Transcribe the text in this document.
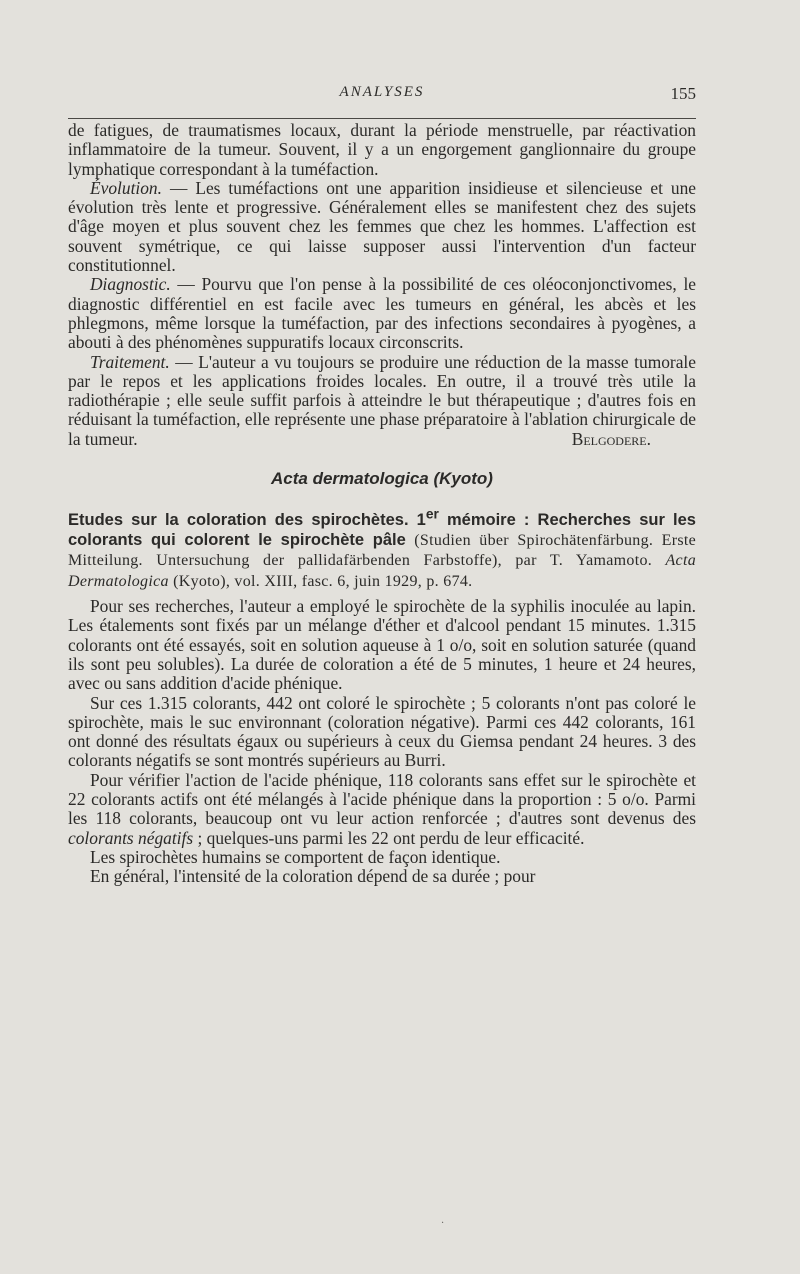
ANALYSES	155

de fatigues, de traumatismes locaux, durant la période menstruelle, par réactivation inflammatoire de la tumeur. Souvent, il y a un engorgement ganglionnaire du groupe lymphatique correspondant à la tuméfaction.

Évolution. — Les tuméfactions ont une apparition insidieuse et silencieuse et une évolution très lente et progressive. Généralement elles se manifestent chez des sujets d'âge moyen et plus souvent chez les femmes que chez les hommes. L'affection est souvent symétrique, ce qui laisse supposer aussi l'intervention d'un facteur constitutionnel.

Diagnostic. — Pourvu que l'on pense à la possibilité de ces oléoconjonctivomes, le diagnostic différentiel en est facile avec les tumeurs en général, les abcès et les phlegmons, même lorsque la tuméfaction, par des infections secondaires à pyogènes, a abouti à des phénomènes suppuratifs locaux circonscrits.

Traitement. — L'auteur a vu toujours se produire une réduction de la masse tumorale par le repos et les applications froides locales. En outre, il a trouvé très utile la radiothérapie ; elle seule suffit parfois à atteindre le but thérapeutique ; d'autres fois en réduisant la tuméfaction, elle représente une phase préparatoire à l'ablation chirurgicale de la tumeur.	Belgodere.

Acta dermatologica (Kyoto)

Etudes sur la coloration des spirochètes. 1er mémoire : Recherches sur les colorants qui colorent le spirochète pâle (Studien über Spirochätenfärbung. Erste Mitteilung. Untersuchung der pallidafärbenden Farbstoffe), par T. Yamamoto. Acta Dermatologica (Kyoto), vol. XIII, fasc. 6, juin 1929, p. 674.

Pour ses recherches, l'auteur a employé le spirochète de la syphilis inoculée au lapin. Les étalements sont fixés par un mélange d'éther et d'alcool pendant 15 minutes. 1.315 colorants ont été essayés, soit en solution aqueuse à 1 o/o, soit en solution saturée (quand ils sont peu solubles). La durée de coloration a été de 5 minutes, 1 heure et 24 heures, avec ou sans addition d'acide phénique.

Sur ces 1.315 colorants, 442 ont coloré le spirochète ; 5 colorants n'ont pas coloré le spirochète, mais le suc environnant (coloration négative). Parmi ces 442 colorants, 161 ont donné des résultats égaux ou supérieurs à ceux du Giemsa pendant 24 heures. 3 des colorants négatifs se sont montrés supérieurs au Burri.

Pour vérifier l'action de l'acide phénique, 118 colorants sans effet sur le spirochète et 22 colorants actifs ont été mélangés à l'acide phénique dans la proportion : 5 o/o. Parmi les 118 colorants, beaucoup ont vu leur action renforcée ; d'autres sont devenus des colorants négatifs ; quelques-uns parmi les 22 ont perdu de leur efficacité.

Les spirochètes humains se comportent de façon identique.

En général, l'intensité de la coloration dépend de sa durée ; pour

·
